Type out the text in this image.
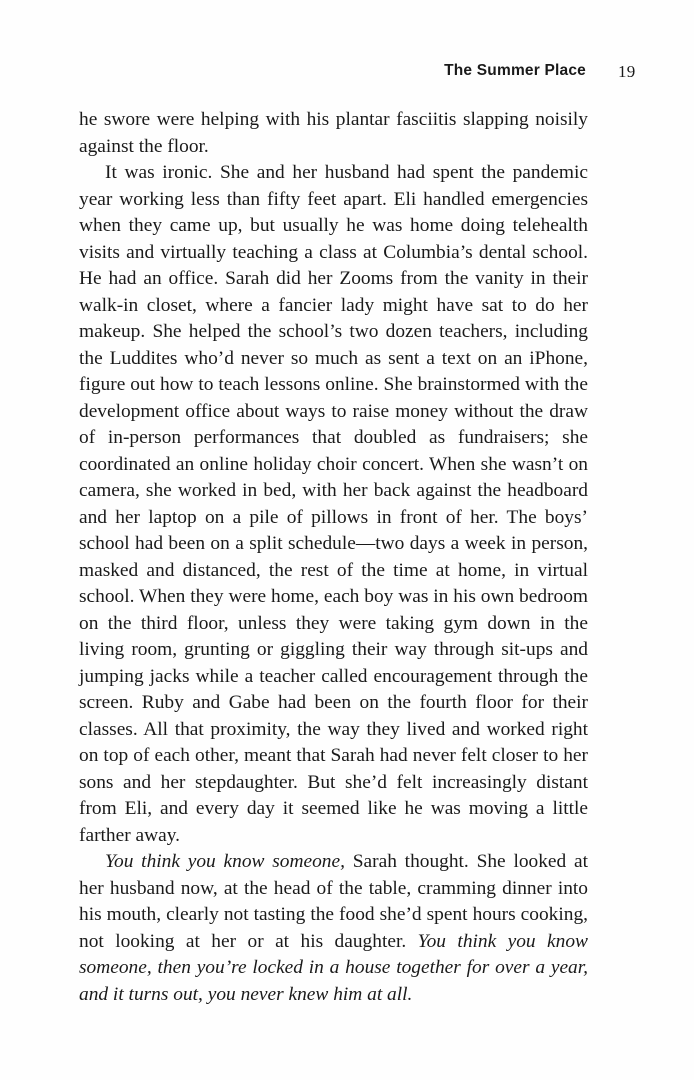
The Summer Place 19

he swore were helping with his plantar fasciitis slapping noisily against the floor.

It was ironic. She and her husband had spent the pandemic year working less than fifty feet apart. Eli handled emergencies when they came up, but usually he was home doing telehealth visits and virtually teaching a class at Columbia’s dental school. He had an office. Sarah did her Zooms from the vanity in their walk-in closet, where a fancier lady might have sat to do her makeup. She helped the school’s two dozen teachers, including the Luddites who’d never so much as sent a text on an iPhone, figure out how to teach lessons online. She brainstormed with the development office about ways to raise money without the draw of in-person performances that doubled as fundraisers; she coordinated an online holiday choir concert. When she wasn’t on camera, she worked in bed, with her back against the headboard and her laptop on a pile of pillows in front of her. The boys’ school had been on a split schedule—two days a week in person, masked and distanced, the rest of the time at home, in virtual school. When they were home, each boy was in his own bedroom on the third floor, unless they were taking gym down in the living room, grunting or giggling their way through sit-ups and jumping jacks while a teacher called encouragement through the screen. Ruby and Gabe had been on the fourth floor for their classes. All that proximity, the way they lived and worked right on top of each other, meant that Sarah had never felt closer to her sons and her stepdaughter. But she’d felt increasingly distant from Eli, and every day it seemed like he was moving a little farther away.

You think you know someone, Sarah thought. She looked at her husband now, at the head of the table, cramming dinner into his mouth, clearly not tasting the food she’d spent hours cooking, not looking at her or at his daughter. You think you know someone, then you’re locked in a house together for over a year, and it turns out, you never knew him at all.
